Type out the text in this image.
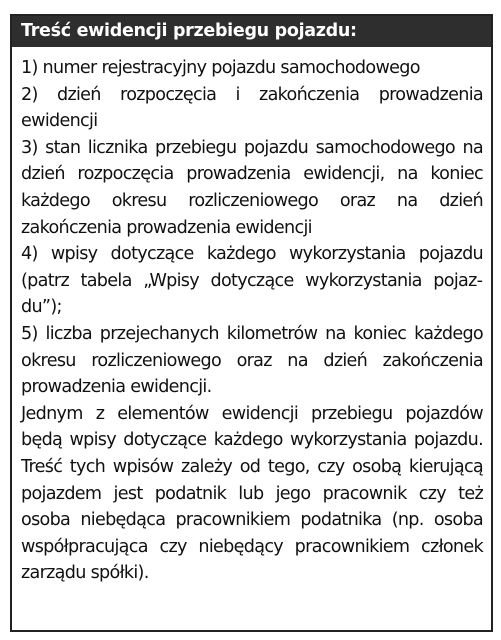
Treść ewidencji przebiegu pojazdu:

1) numer rejestracyjny pojazdu samochodowego

2) dzień rozpoczęcia i zakończenia prowadzenia ewidencji

3) stan licznika przebiegu pojazdu samochodowego na dzień rozpoczęcia prowadzenia ewidencji, na koniec każdego okresu rozliczeniowego oraz na dzień zakończenia prowadzenia ewidencji

4) wpisy dotyczące każdego wykorzystania pojazdu (patrz tabela „Wpisy dotyczące wykorzystania pojazdu”);

5) liczba przejechanych kilometrów na koniec każdego okresu rozliczeniowego oraz na dzień zakończenia prowadzenia ewidencji.

Jednym z elementów ewidencji przebiegu pojazdów będą wpisy dotyczące każdego wykorzystania pojazdu. Treść tych wpisów zależy od tego, czy osobą kierującą pojazdem jest podatnik lub jego pracownik czy też osoba niebędąca pracownikiem podatnika (np. osoba współpracująca czy niebędący pracownikiem członek zarządu spółki).
